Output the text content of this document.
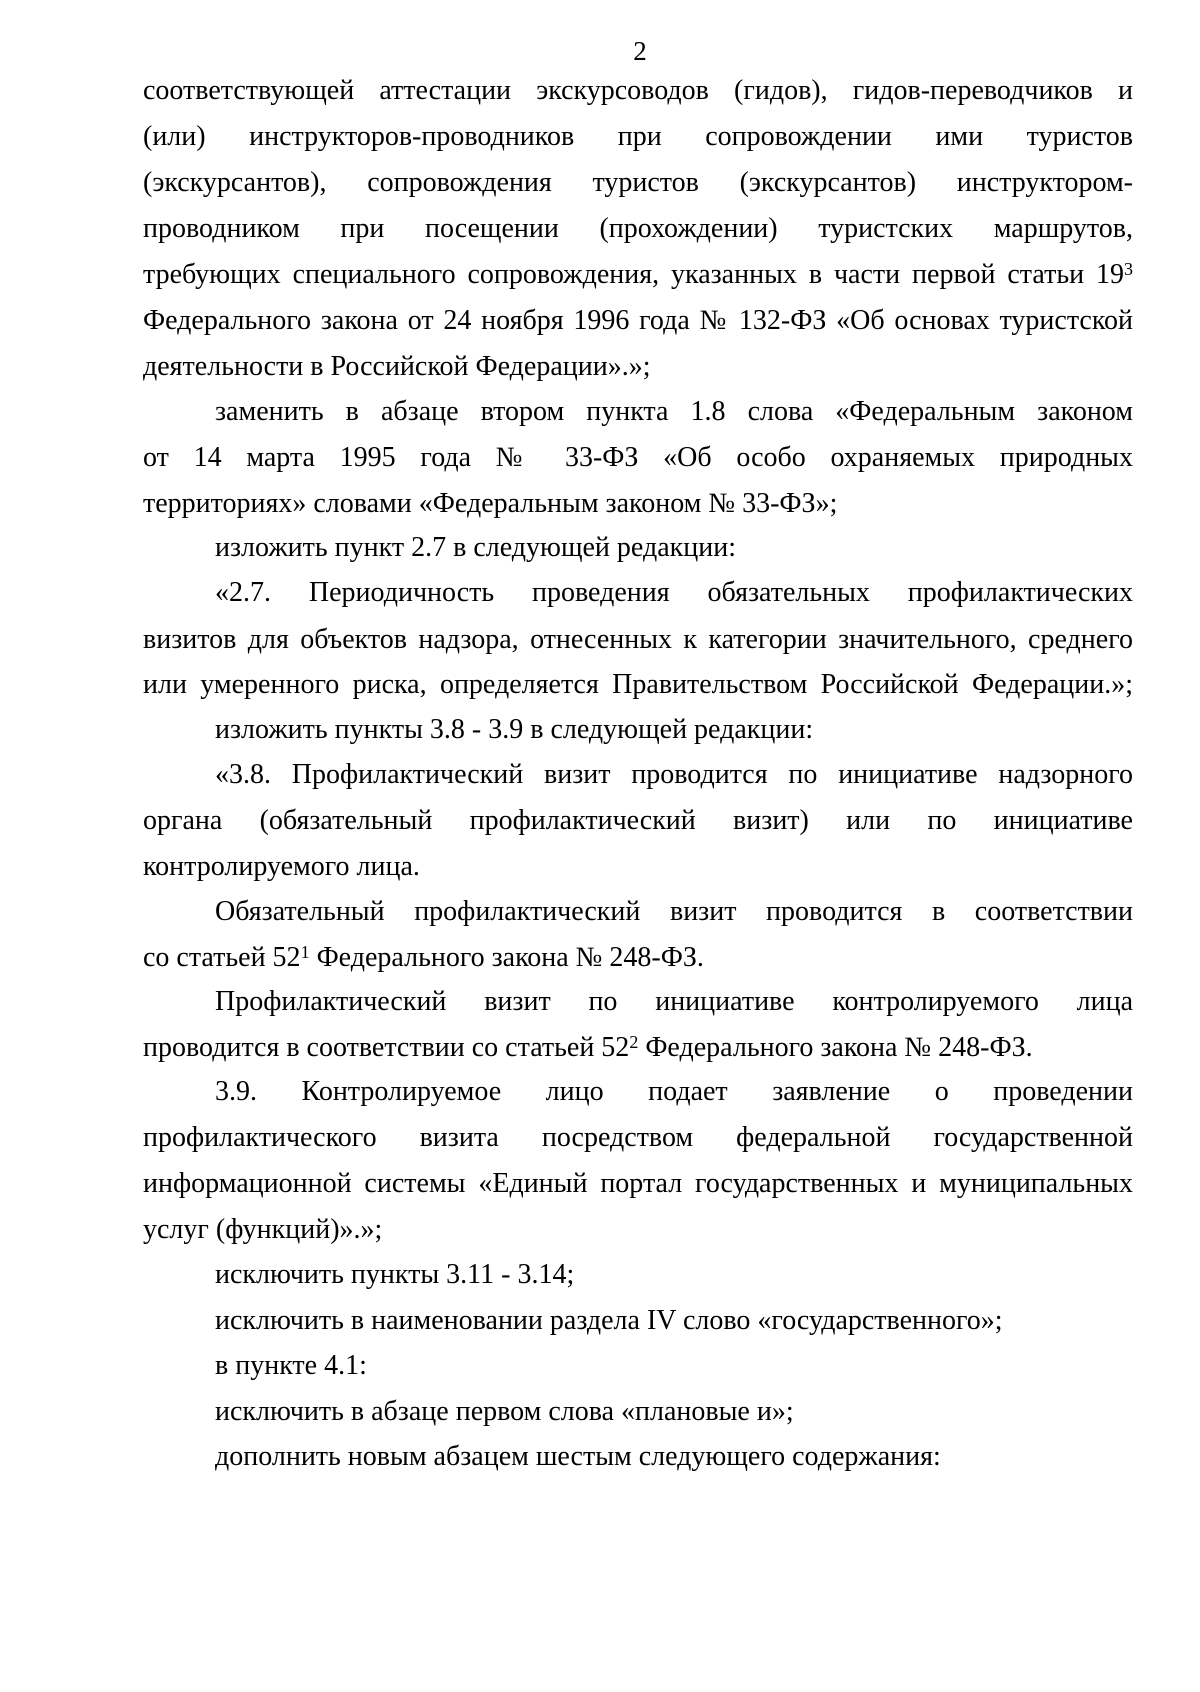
2
соответствующей аттестации экскурсоводов (гидов), гидов-переводчиков и
(или) инструкторов-проводников при сопровождении ими туристов
(экскурсантов), сопровождения туристов (экскурсантов) инструктором-
проводником при посещении (прохождении) туристских маршрутов,
требующих специального сопровождения, указанных в части первой статьи $19^3$
Федерального закона от 24 ноября 1996 года № 132-ФЗ «Об основах туристской
деятельности в Российской Федерации».»;
заменить в абзаце втором пункта 1.8 слова «Федеральным законом
от 14 марта 1995 года № 33-ФЗ «Об особо охраняемых природных
территориях» словами «Федеральным законом № 33-ФЗ»;
изложить пункт 2.7 в следующей редакции:
«2.7. Периодичность проведения обязательных профилактических
визитов для объектов надзора, отнесенных к категории значительного, среднего
или умеренного риска, определяется Правительством Российской Федерации.»;
изложить пункты 3.8 - 3.9 в следующей редакции:
«3.8. Профилактический визит проводится по инициативе надзорного
органа (обязательный профилактический визит) или по инициативе
контролируемого лица.
Обязательный профилактический визит проводится в соответствии
со статьей $52^1$ Федерального закона № 248-ФЗ.
Профилактический визит по инициативе контролируемого лица
проводится в соответствии со статьей $52^2$ Федерального закона № 248-ФЗ.
3.9. Контролируемое лицо подает заявление о проведении
профилактического визита посредством федеральной государственной
информационной системы «Единый портал государственных и муниципальных
услуг (функций)».»;
исключить пункты 3.11 - 3.14;
исключить в наименовании раздела IV слово «государственного»;
в пункте 4.1:
исключить в абзаце первом слова «плановые и»;
дополнить новым абзацем шестым следующего содержания:
